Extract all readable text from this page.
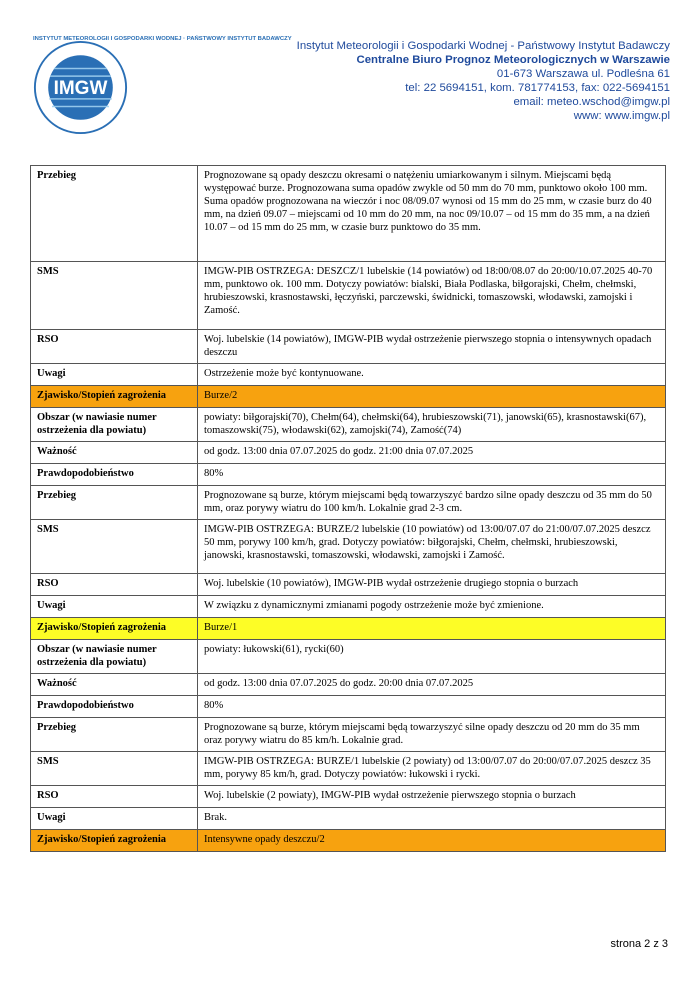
INSTYTUT METEOROLOGII I GOSPODARKI WODNEJ · PAŃSTWOWY INSTYTUT BADAWCZY
IMGW
Instytut Meteorologii i Gospodarki Wodnej - Państwowy Instytut Badawczy
Centralne Biuro Prognoz Meteorologicznych w Warszawie
01-673 Warszawa ul. Podleśna 61
tel: 22 5694151, kom. 781774153, fax: 022-5694151
email: meteo.wschod@imgw.pl
www: www.imgw.pl
Przebieg	Prognozowane są opady deszczu okresami o natężeniu umiarkowanym i silnym. Miejscami będą występować burze. Prognozowana suma opadów zwykle od 50 mm do 70 mm, punktowo około 100 mm. Suma opadów prognozowana na wieczór i noc 08/09.07 wynosi od 15 mm do 25 mm, w czasie burz do 40 mm, na dzień 09.07 – miejscami od 10 mm do 20 mm, na noc 09/10.07 – od 15 mm do 35 mm, a na dzień 10.07 – od 15 mm do 25 mm, w czasie burz punktowo do 35 mm.
SMS	IMGW-PIB OSTRZEGA: DESZCZ/1 lubelskie (14 powiatów) od 18:00/08.07 do 20:00/10.07.2025 40-70 mm, punktowo ok. 100 mm. Dotyczy powiatów: bialski, Biała Podlaska, biłgorajski, Chełm, chełmski, hrubieszowski, krasnostawski, łęczyński, parczewski, świdnicki, tomaszowski, włodawski, zamojski i Zamość.
RSO	Woj. lubelskie (14 powiatów), IMGW-PIB wydał ostrzeżenie pierwszego stopnia o intensywnych opadach deszczu
Uwagi	Ostrzeżenie może być kontynuowane.
Zjawisko/Stopień zagrożenia	Burze/2
Obszar (w nawiasie numer ostrzeżenia dla powiatu)	powiaty: biłgorajski(70), Chełm(64), chełmski(64), hrubieszowski(71), janowski(65), krasnostawski(67), tomaszowski(75), włodawski(62), zamojski(74), Zamość(74)
Ważność	od godz. 13:00 dnia 07.07.2025 do godz. 21:00 dnia 07.07.2025
Prawdopodobieństwo	80%
Przebieg	Prognozowane są burze, którym miejscami będą towarzyszyć bardzo silne opady deszczu od 35 mm do 50 mm, oraz porywy wiatru do 100 km/h. Lokalnie grad 2-3 cm.
SMS	IMGW-PIB OSTRZEGA: BURZE/2 lubelskie (10 powiatów) od 13:00/07.07 do 21:00/07.07.2025 deszcz 50 mm, porywy 100 km/h, grad. Dotyczy powiatów: biłgorajski, Chełm, chełmski, hrubieszowski, janowski, krasnostawski, tomaszowski, włodawski, zamojski i Zamość.
RSO	Woj. lubelskie (10 powiatów), IMGW-PIB wydał ostrzeżenie drugiego stopnia o burzach
Uwagi	W związku z dynamicznymi zmianami pogody ostrzeżenie może być zmienione.
Zjawisko/Stopień zagrożenia	Burze/1
Obszar (w nawiasie numer ostrzeżenia dla powiatu)	powiaty: łukowski(61), rycki(60)
Ważność	od godz. 13:00 dnia 07.07.2025 do godz. 20:00 dnia 07.07.2025
Prawdopodobieństwo	80%
Przebieg	Prognozowane są burze, którym miejscami będą towarzyszyć silne opady deszczu od 20 mm do 35 mm oraz porywy wiatru do 85 km/h. Lokalnie grad.
SMS	IMGW-PIB OSTRZEGA: BURZE/1 lubelskie (2 powiaty) od 13:00/07.07 do 20:00/07.07.2025 deszcz 35 mm, porywy 85 km/h, grad. Dotyczy powiatów: łukowski i rycki.
RSO	Woj. lubelskie (2 powiaty), IMGW-PIB wydał ostrzeżenie pierwszego stopnia o burzach
Uwagi	Brak.
Zjawisko/Stopień zagrożenia	Intensywne opady deszczu/2
strona 2 z 3
